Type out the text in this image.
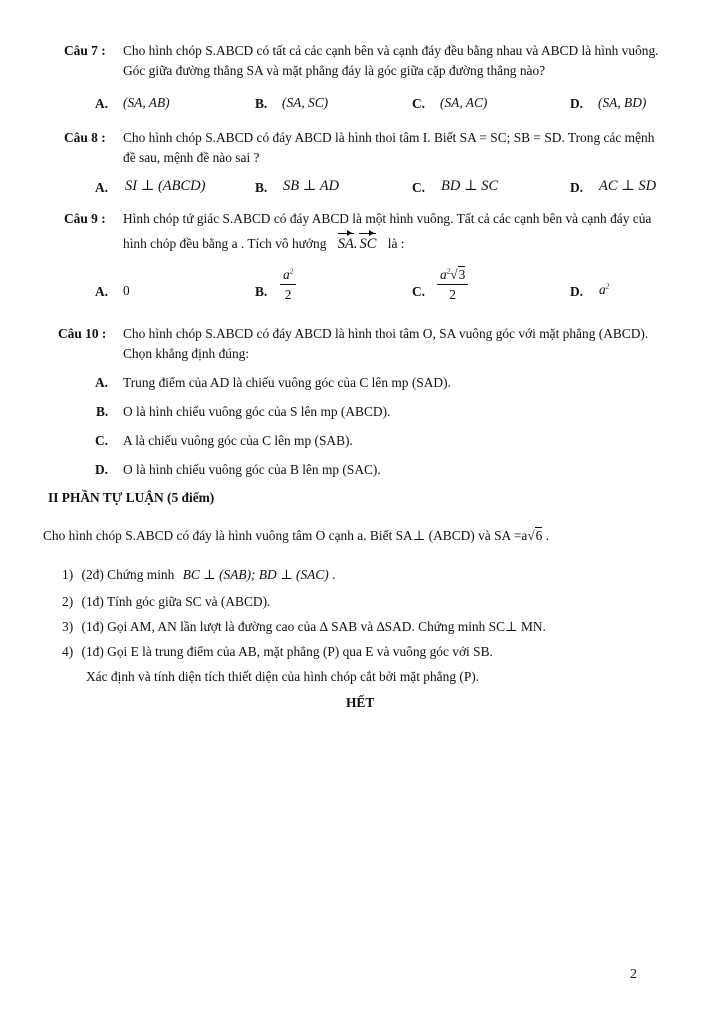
Câu 7 : Cho hình chóp S.ABCD có tất cả các cạnh bên và cạnh đáy đều bằng nhau và ABCD là hình vuông.
Góc giữa đường thẳng SA và mặt phẳng đáy là góc giữa cặp đường thẳng nào?
A. (SA, AB)	B. (SA, SC)	C. (SA, AC)	D. (SA, BD)
Câu 8 : Cho hình chóp S.ABCD có đáy ABCD là hình thoi tâm I. Biết SA = SC; SB = SD. Trong các mệnh
đề sau, mệnh đề nào sai ?
A. SI ⊥ (ABCD)	B. SB ⊥ AD	C. BD ⊥ SC	D. AC ⊥ SD
Câu 9 : Hình chóp tứ giác S.ABCD có đáy ABCD là một hình vuông. Tất cả các cạnh bên và cạnh đáy của
hình chóp đều bằng a . Tích vô hướng SA. SC là :
A. 0	B. $\frac{a^2}{2}$	C. $\frac{a^2√3}{2}$	D. $a^2$
Câu 10 : Cho hình chóp S.ABCD có đáy ABCD là hình thoi tâm O, SA vuông góc với mặt phẳng (ABCD).
Chọn khẳng định đúng:
A. Trung điểm của AD là chiếu vuông góc của C lên mp (SAD).
B. O là hình chiếu vuông góc của S lên mp (ABCD).
C. A là chiếu vuông góc của C lên mp (SAB).
D. O là hình chiếu vuông góc của B lên mp (SAC).
II PHẦN TỰ LUẬN (5 điểm)
Cho hình chóp S.ABCD có đáy là hình vuông tâm O cạnh a. Biết SA⊥ (ABCD) và SA =a√6 .
1) (2đ) Chứng minh BC ⊥ (SAB); BD ⊥ (SAC) .
2) (1đ) Tính góc giữa SC và (ABCD).
3) (1đ) Gọi AM, AN lần lượt là đường cao của ∆ SAB và ∆SAD. Chứng minh SC⊥ MN.
4) (1đ) Gọi E là trung điểm của AB, mặt phẳng (P) qua E và vuông góc với SB.
Xác định và tính diện tích thiết diện của hình chóp cắt bởi mặt phẳng (P).
HẾT
2
